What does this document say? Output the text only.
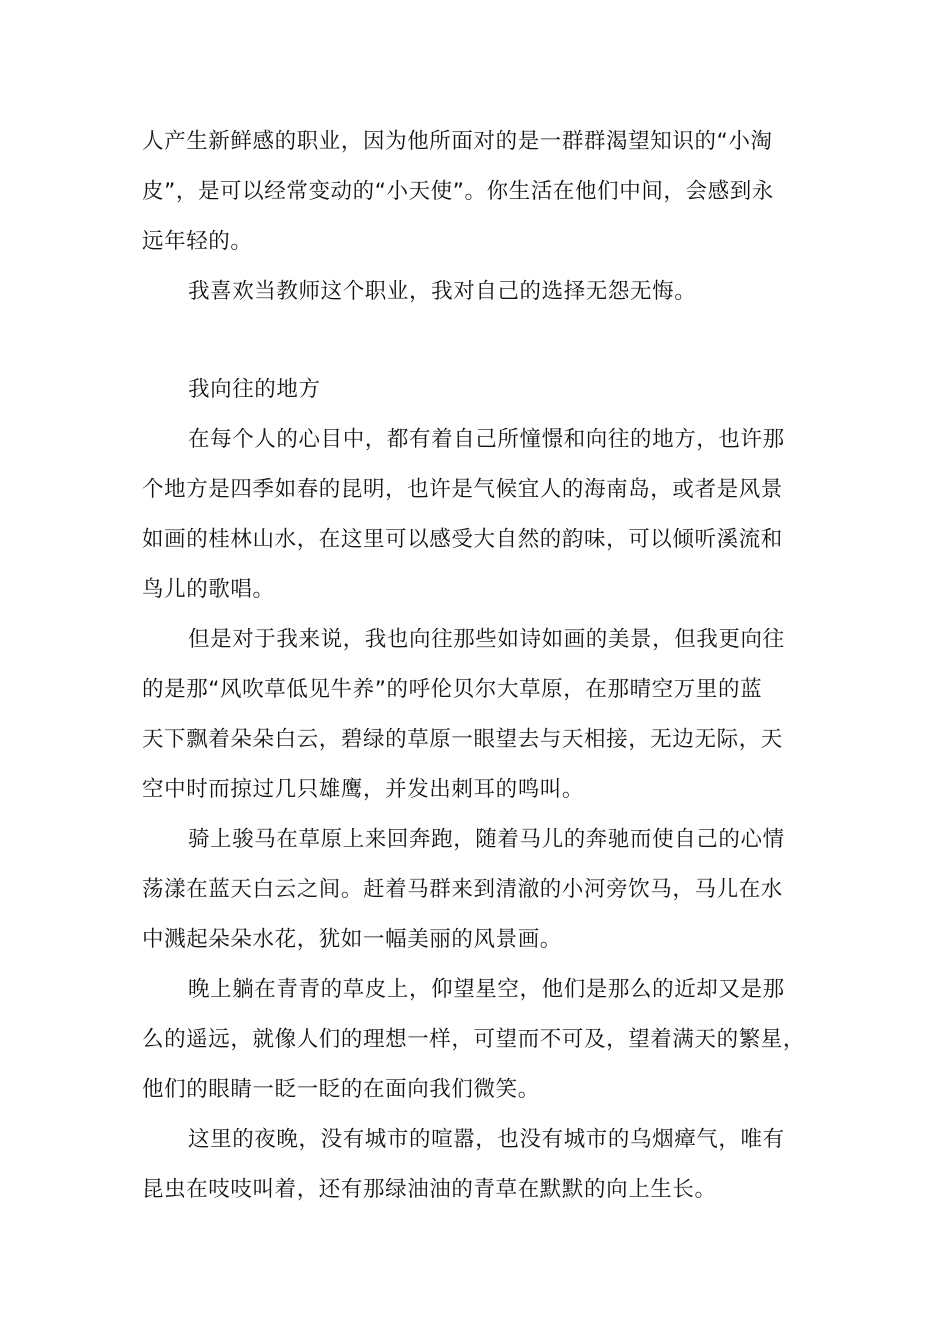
人产生新鲜感的职业，因为他所面对的是一群群渴望知识的“小淘
皮”，是可以经常变动的“小天使”。你生活在他们中间，会感到永
远年轻的。
我喜欢当教师这个职业，我对自己的选择无怨无悔。
我向往的地方
在每个人的心目中，都有着自己所憧憬和向往的地方，也许那
个地方是四季如春的昆明，也许是气候宜人的海南岛，或者是风景
如画的桂林山水，在这里可以感受大自然的韵味，可以倾听溪流和
鸟儿的歌唱。
但是对于我来说，我也向往那些如诗如画的美景，但我更向往
的是那“风吹草低见牛养”的呼伦贝尔大草原，在那晴空万里的蓝
天下飘着朵朵白云，碧绿的草原一眼望去与天相接，无边无际，天
空中时而掠过几只雄鹰，并发出刺耳的鸣叫。
骑上骏马在草原上来回奔跑，随着马儿的奔驰而使自己的心情
荡漾在蓝天白云之间。赶着马群来到清澈的小河旁饮马，马儿在水
中溅起朵朵水花，犹如一幅美丽的风景画。
晚上躺在青青的草皮上，仰望星空，他们是那么的近却又是那
么的遥远，就像人们的理想一样，可望而不可及，望着满天的繁星，
他们的眼睛一眨一眨的在面向我们微笑。
这里的夜晚，没有城市的喧嚣，也没有城市的乌烟瘴气，唯有
昆虫在吱吱叫着，还有那绿油油的青草在默默的向上生长。
